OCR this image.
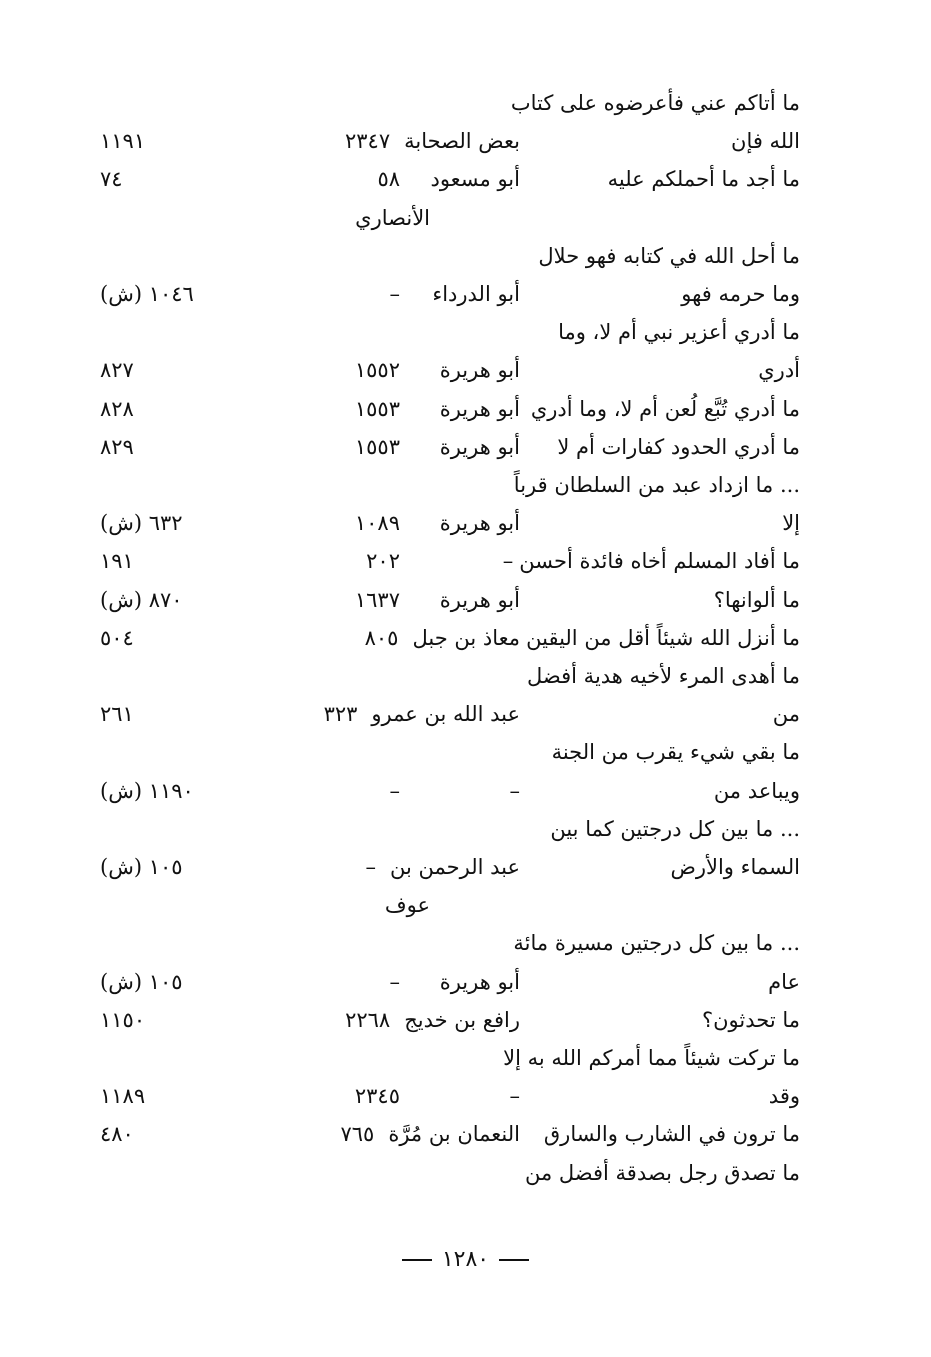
ما أتاكم عني فأعرضوه على كتاب
الله فإن
بعض الصحابة
٢٣٤٧
١١٩١
ما أجد ما أحملكم عليه
أبو مسعود
٥٨
٧٤
الأنصاري
ما أحل الله في كتابه فهو حلال
وما حرمه فهو
أبو الدرداء
–
١٠٤٦ (ش)
ما أدري أعزير نبي أم لا، وما
أدري
أبو هريرة
١٥٥٢
٨٢٧
ما أدري تُبَّع لُعن أم لا، وما أدري
أبو هريرة
١٥٥٣
٨٢٨
ما أدري الحدود كفارات أم لا
أبو هريرة
١٥٥٣
٨٢٩
... ما ازداد عبد من السلطان قرباً
إلا
أبو هريرة
١٠٨٩
٦٣٢ (ش)
ما أفاد المسلم أخاه فائدة أحسن
–
٢٠٢
١٩١
ما ألوانها؟
أبو هريرة
١٦٣٧
٨٧٠ (ش)
ما أنزل الله شيئاً أقل من اليقين
معاذ بن جبل
٨٠٥
٥٠٤
ما أهدى المرء لأخيه هدية أفضل
من
عبد الله بن عمرو
٣٢٣
٢٦١
ما بقي شيء يقرب من الجنة
ويباعد من
–
–
١١٩٠ (ش)
... ما بين كل درجتين كما بين
السماء والأرض
عبد الرحمن بن
–
١٠٥ (ش)
عوف
... ما بين كل درجتين مسيرة مائة
عام
أبو هريرة
–
١٠٥ (ش)
ما تحدثون؟
رافع بن خديج
٢٢٦٨
١١٥٠
ما تركت شيئاً مما أمركم الله به إلا
وقد
–
٢٣٤٥
١١٨٩
ما ترون في الشارب والسارق
النعمان بن مُرَّة
٧٦٥
٤٨٠
ما تصدق رجل بصدقة أفضل من
١٢٨٠
